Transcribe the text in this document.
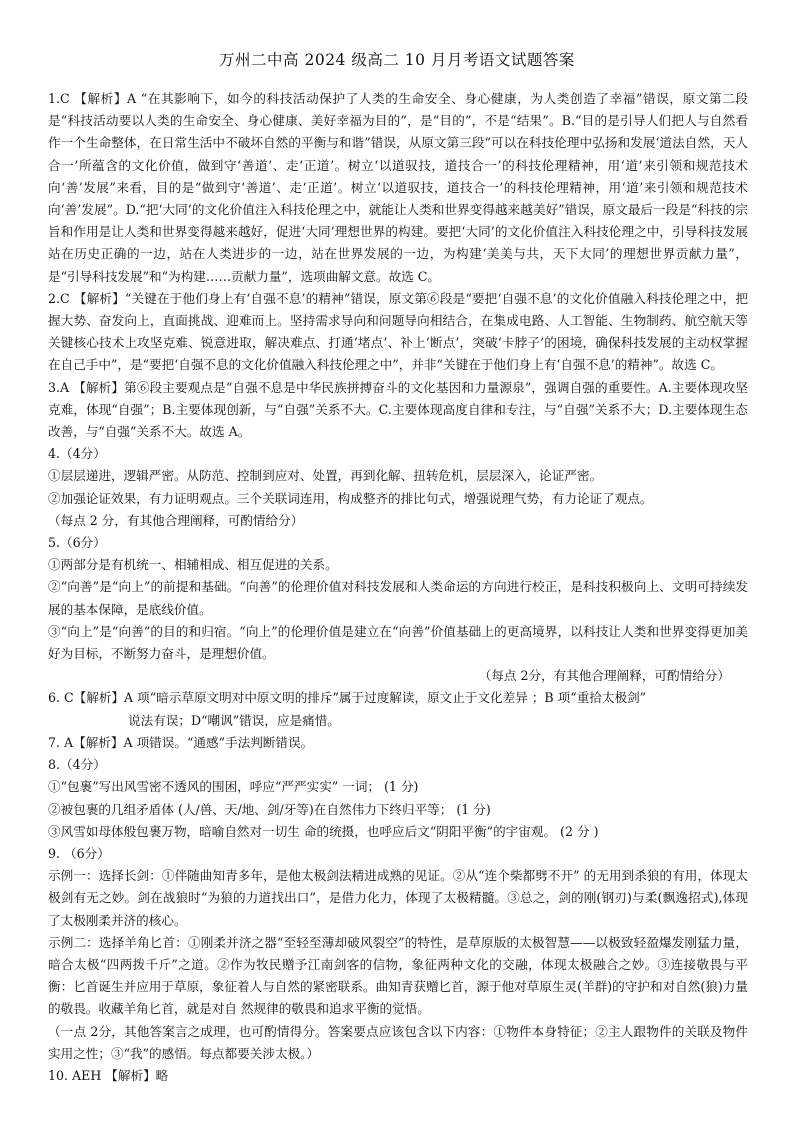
万州二中高 2024 级高二 10 月月考语文试题答案

1.C 【解析】A “在其影响下，如今的科技活动保护了人类的生命安全、身心健康，为人类创造了幸福”错误，原文第二段是“科技活动要以人类的生命安全、身心健康、美好幸福为目的”，是“目的”，不是“结果”。B.“目的是引导人们把人与自然看作一个生命整体，在日常生活中不破坏自然的平衡与和谐”错误，从原文第三段“可以在科技伦理中弘扬和发展‘道法自然，天人合一’所蕴含的文化价值，做到守‘善道’、走‘正道’。树立‘以道驭技，道技合一’的科技伦理精神，用‘道’来引领和规范技术向‘善’发展”来看，目的是“做到守‘善道’、走‘正道’。树立‘以道驭技，道技合一’的科技伦理精神，用‘道’来引领和规范技术向‘善’发展”。D.“把‘大同’的文化价值注入科技伦理之中，就能让人类和世界变得越来越美好”错误，原文最后一段是“科技的宗旨和作用是让人类和世界变得越来越好，促进‘大同’理想世界的构建。要把‘大同’的文化价值注入科技伦理之中，引导科技发展站在历史正确的一边，站在人类进步的一边，站在世界发展的一边，为构建‘美美与共，天下大同’的理想世界贡献力量”，是“引导科技发展”和“为构建……贡献力量”，选项曲解文意。故选 C。

2.C 【解析】“关键在于他们身上有‘自强不息’的精神”错误，原文第⑥段是“要把‘自强不息’的文化价值融入科技伦理之中，把握大势、奋发向上，直面挑战、迎难而上。坚持需求导向和问题导向相结合，在集成电路、人工智能、生物制药、航空航天等关键核心技术上攻坚克难、锐意进取，解决难点、打通‘堵点’、补上‘断点’，突破‘卡脖子’的困境，确保科技发展的主动权掌握在自己手中”，是“要把‘自强不息的文化价值融入科技伦理之中”，并非“关键在于他们身上有‘自强不息’的精神”。故选 C。

3.A 【解析】第⑥段主要观点是“自强不息是中华民族拼搏奋斗的文化基因和力量源泉”，强调自强的重要性。A.主要体现攻坚克难，体现“自强”；B.主要体现创新，与“自强”关系不大。C.主要体现高度自律和专注，与“自强”关系不大；D.主要体现生态改善，与“自强”关系不大。故选 A。

4.（4分）

①层层递进，逻辑严密。从防范、控制到应对、处置，再到化解、扭转危机，层层深入，论证严密。

②加强论证效果，有力证明观点。三个关联词连用，构成整齐的排比句式，增强说理气势，有力论证了观点。

（每点 2 分，有其他合理阐释，可酌情给分）

5.（6分）

①两部分是有机统一、相辅相成、相互促进的关系。

②“向善”是“向上”的前提和基础。“向善”的伦理价值对科技发展和人类命运的方向进行校正，是科技积极向上、文明可持续发展的基本保障，是底线价值。

③“向上”是“向善”的目的和归宿。“向上”的伦理价值是建立在“向善”价值基础上的更高境界，以科技让人类和世界变得更加美好为目标，不断努力奋斗，是理想价值。

（每点 2分，有其他合理阐释，可酌情给分）

6. C【解析】A 项“暗示草原文明对中原文明的排斥”属于过度解读，原文止于文化差异 ；B 项“重拾太极剑”

说法有误；D“嘲讽”错误，应是痛惜。

7. A【解析】A 项错误。“通感”手法判断错误。

8.（4分）

①“包裹”写出风雪密不透风的围困，呼应“严严实实” 一词； (1 分)

②被包裹的几组矛盾体 (人/兽、天/地、剑/牙等)在自然伟力下终归平等； (1 分)

③风雪如母体般包裹万物，暗喻自然对一切生 命的统摄，也呼应后文“阴阳平衡”的宇宙观。 (2 分 )

9. （6分）

示例一：选择长剑：①伴随曲知青多年，是他太极剑法精进成熟的见证。②从“连个柴都劈不开” 的无用到杀狼的有用，体现太极剑有无之妙。剑在战狼时“为狼的力道找出口”，是借力化力，体现了太极精髓。③总之，剑的刚(钢刃)与柔(飘逸招式),体现了太极刚柔并济的核心。

示例二：选择羊角匕首：①刚柔并济之器“至轻至薄却破风裂空”的特性，是草原版的太极智慧——以极致轻盈爆发刚猛力量，暗合太极“四两拨千斤”之道。②作为牧民赠予江南剑客的信物，象征两种文化的交融，体现太极融合之妙。③连接敬畏与平衡：匕首诞生并应用于草原，象征着人与自然的紧密联系。曲知青获赠匕首，源于他对草原生灵(羊群)的守护和对自然(狼)力量的敬畏。收藏羊角匕首，就是对自 然规律的敬畏和追求平衡的觉悟。

（一点 2分，其他答案言之成理，也可酌情得分。答案要点应该包含以下内容：①物件本身特征；②主人跟物件的关联及物件实用之性；③“我”的感悟。每点都要关涉太极。）

10. AEH 【解析】略
